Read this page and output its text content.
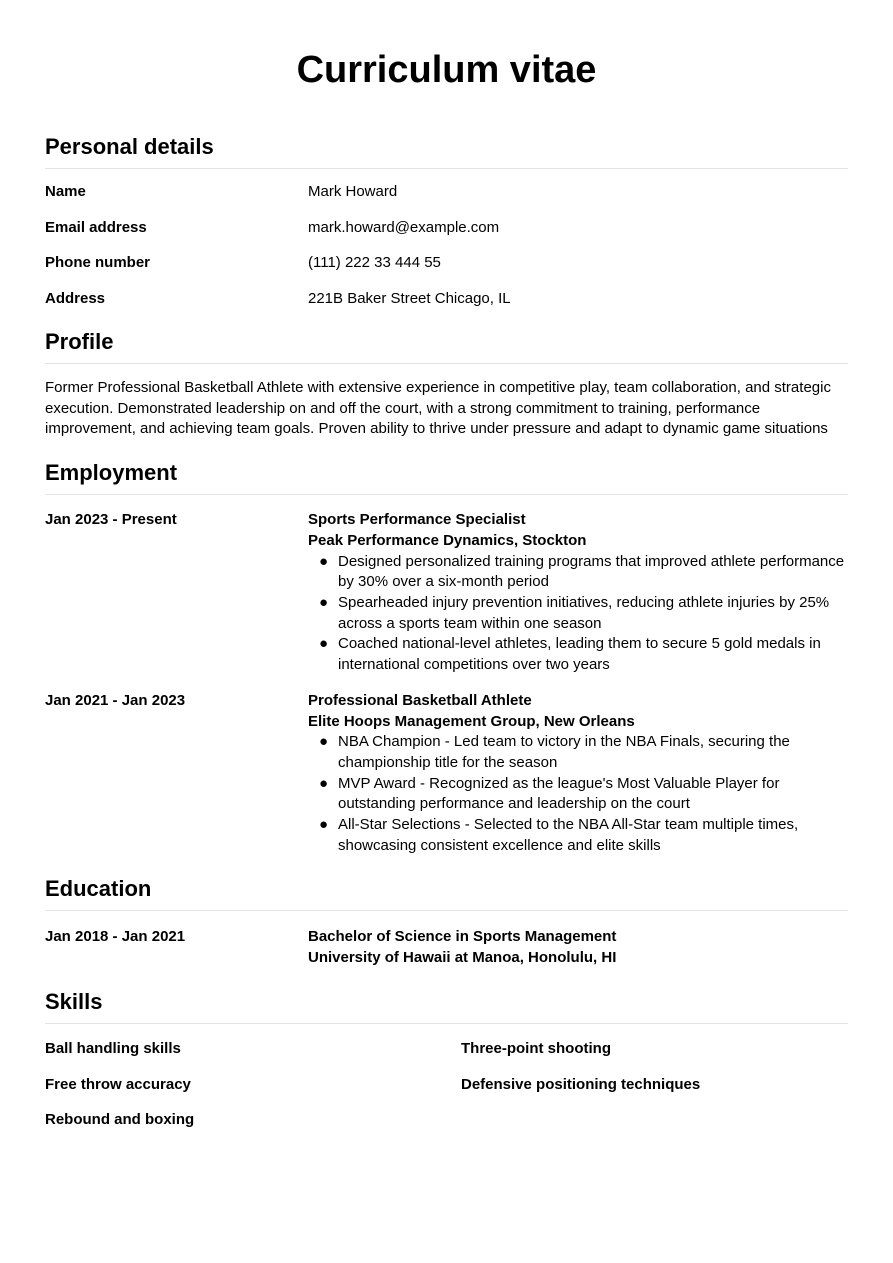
Curriculum vitae
Personal details
Name	Mark Howard
Email address	mark.howard@example.com
Phone number	(111) 222 33 444 55
Address	221B Baker Street Chicago, IL
Profile

Former Professional Basketball Athlete with extensive experience in competitive play, team collaboration, and strategic execution. Demonstrated leadership on and off the court, with a strong commitment to training, performance improvement, and achieving team goals. Proven ability to thrive under pressure and adapt to dynamic game situations

Employment
Jan 2023 - Present	Sports Performance Specialist
Peak Performance Dynamics, Stockton
● Designed personalized training programs that improved athlete performance by 30% over a six-month period
● Spearheaded injury prevention initiatives, reducing athlete injuries by 25% across a sports team within one season
● Coached national-level athletes, leading them to secure 5 gold medals in international competitions over two years
Jan 2021 - Jan 2023	Professional Basketball Athlete
Elite Hoops Management Group, New Orleans
● NBA Champion - Led team to victory in the NBA Finals, securing the championship title for the season
● MVP Award - Recognized as the league's Most Valuable Player for outstanding performance and leadership on the court
● All-Star Selections - Selected to the NBA All-Star team multiple times, showcasing consistent excellence and elite skills
Education
Jan 2018 - Jan 2021	Bachelor of Science in Sports Management
University of Hawaii at Manoa, Honolulu, HI
Skills
Ball handling skills	Three-point shooting
Free throw accuracy	Defensive positioning techniques
Rebound and boxing
